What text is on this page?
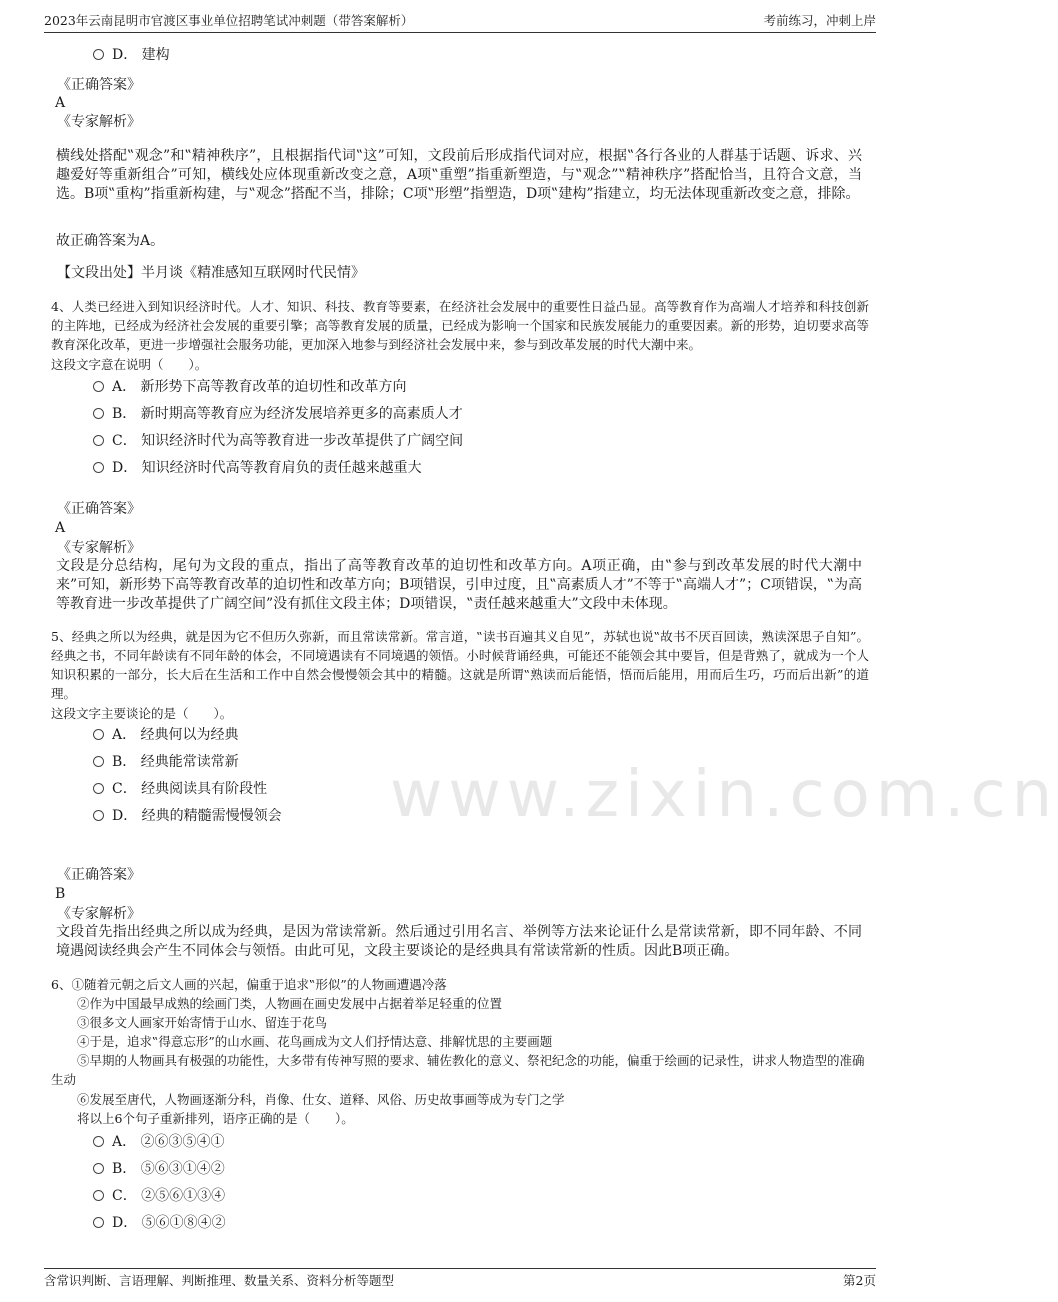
2023年云南昆明市官渡区事业单位招聘笔试冲刺题（带答案解析）	考前练习，冲刺上岸
www.zixin.com.cn
D． 建构
《正确答案》
A
《专家解析》
横线处搭配‟观念”和‟精神秩序”，且根据指代词‟这”可知，文段前后形成指代词对应，根据‟各行各业的人群基于话题、诉求、兴趣爱好等重新组合”可知，横线处应体现重新改变之意，A项‟重塑”指重新塑造，与‟观念”‟精神秩序”搭配恰当，且符合文意，当选。B项‟重构”指重新构建，与‟观念”搭配不当，排除；C项‟形塑”指塑造，D项‟建构”指建立，均无法体现重新改变之意，排除。
故正确答案为A。
【文段出处】半月谈《精准感知互联网时代民情》
4、人类已经进入到知识经济时代。人才、知识、科技、教育等要素，在经济社会发展中的重要性日益凸显。高等教育作为高端人才培养和科技创新的主阵地，已经成为经济社会发展的重要引擎；高等教育发展的质量，已经成为影响一个国家和民族发展能力的重要因素。新的形势，迫切要求高等教育深化改革，更进一步增强社会服务功能，更加深入地参与到经济社会发展中来，参与到改革发展的时代大潮中来。
这段文字意在说明（　　）。
A． 新形势下高等教育改革的迫切性和改革方向
B． 新时期高等教育应为经济发展培养更多的高素质人才
C． 知识经济时代为高等教育进一步改革提供了广阔空间
D． 知识经济时代高等教育肩负的责任越来越重大
《正确答案》
A
《专家解析》
文段是分总结构，尾句为文段的重点，指出了高等教育改革的迫切性和改革方向。A项正确，由‟参与到改革发展的时代大潮中来”可知，新形势下高等教育改革的迫切性和改革方向；B项错误，引申过度，且‟高素质人才”不等于‟高端人才”；C项错误，‟为高等教育进一步改革提供了广阔空间”没有抓住文段主体；D项错误，‟责任越来越重大”文段中未体现。
5、经典之所以为经典，就是因为它不但历久弥新，而且常读常新。常言道，‟读书百遍其义自见”，苏轼也说‟故书不厌百回读，熟读深思子自知”。经典之书，不同年龄读有不同年龄的体会，不同境遇读有不同境遇的领悟。小时候背诵经典，可能还不能领会其中要旨，但是背熟了，就成为一个人知识积累的一部分，长大后在生活和工作中自然会慢慢领会其中的精髓。这就是所谓‟熟读而后能悟，悟而后能用，用而后生巧，巧而后出新”的道理。
这段文字主要谈论的是（　　）。
A． 经典何以为经典
B． 经典能常读常新
C． 经典阅读具有阶段性
D． 经典的精髓需慢慢领会
《正确答案》
B
《专家解析》
文段首先指出经典之所以成为经典，是因为常读常新。然后通过引用名言、举例等方法来论证什么是常读常新，即不同年龄、不同境遇阅读经典会产生不同体会与领悟。由此可见，文段主要谈论的是经典具有常读常新的性质。因此B项正确。
6、①随着元朝之后文人画的兴起，偏重于追求‟形似”的人物画遭遇冷落
②作为中国最早成熟的绘画门类，人物画在画史发展中占据着举足轻重的位置
③很多文人画家开始寄情于山水、留连于花鸟
④于是，追求‟得意忘形”的山水画、花鸟画成为文人们抒情达意、排解忧思的主要画题
⑤早期的人物画具有极强的功能性，大多带有传神写照的要求、辅佐教化的意义、祭祀纪念的功能，偏重于绘画的记录性，讲求人物造型的准确生动
⑥发展至唐代，人物画逐渐分科，肖像、仕女、道释、风俗、历史故事画等成为专门之学
将以上6个句子重新排列，语序正确的是（　　）。
A． ②⑥③⑤④①
B． ⑤⑥③①④②
C． ②⑤⑥①③④
D． ⑤⑥①⑧④②
含常识判断、言语理解、判断推理、数量关系、资料分析等题型	第2页
